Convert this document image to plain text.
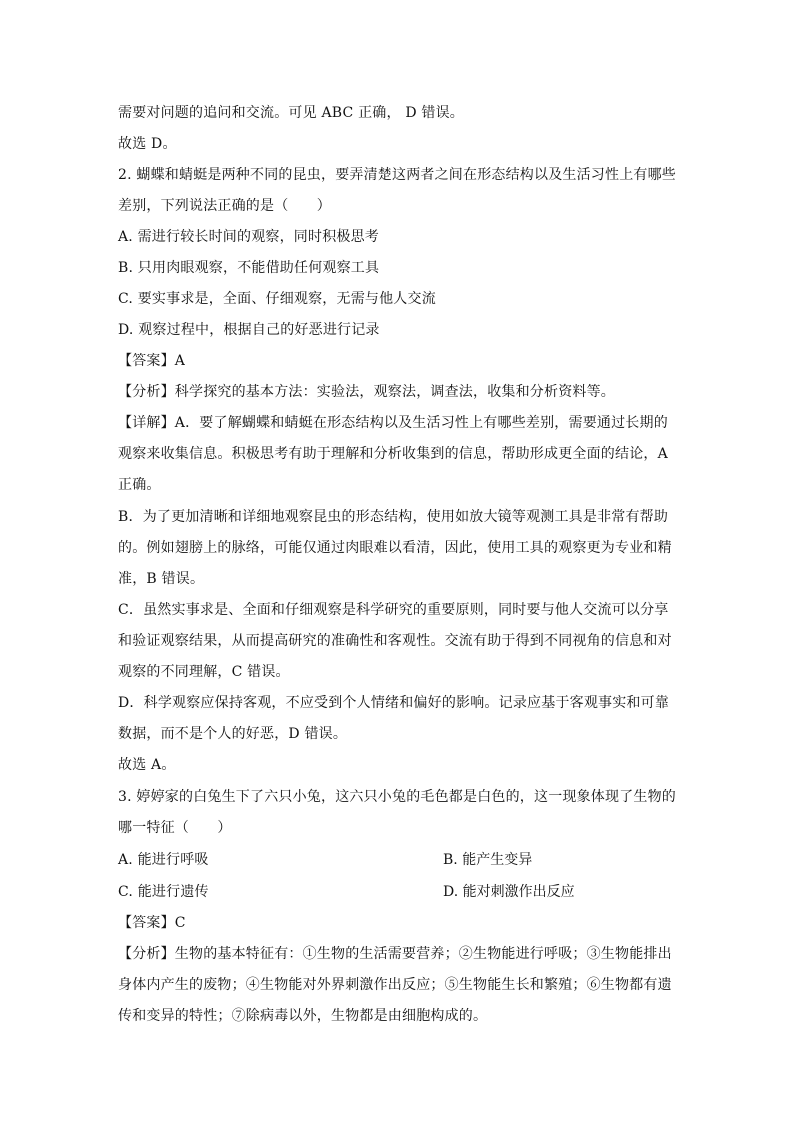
需要对问题的追问和交流。可见 ABC 正确， D 错误。
故选 D。
2. 蝴蝶和蜻蜓是两种不同的昆虫，要弄清楚这两者之间在形态结构以及生活习性上有哪些
差别，下列说法正确的是（　　）
A. 需进行较长时间的观察，同时积极思考
B. 只用肉眼观察，不能借助任何观察工具
C. 要实事求是，全面、仔细观察，无需与他人交流
D. 观察过程中，根据自己的好恶进行记录
【答案】A
【分析】科学探究的基本方法：实验法，观察法，调查法，收集和分析资料等。
【详解】A．要了解蝴蝶和蜻蜓在形态结构以及生活习性上有哪些差别，需要通过长期的
观察来收集信息。积极思考有助于理解和分析收集到的信息，帮助形成更全面的结论，A
正确。
B．为了更加清晰和详细地观察昆虫的形态结构，使用如放大镜等观测工具是非常有帮助
的。例如翅膀上的脉络，可能仅通过肉眼难以看清，因此，使用工具的观察更为专业和精
准，B 错误。
C．虽然实事求是、全面和仔细观察是科学研究的重要原则，同时要与他人交流可以分享
和验证观察结果，从而提高研究的准确性和客观性。交流有助于得到不同视角的信息和对
观察的不同理解，C 错误。
D．科学观察应保持客观，不应受到个人情绪和偏好的影响。记录应基于客观事实和可靠
数据，而不是个人的好恶，D 错误。
故选 A。
3. 婷婷家的白兔生下了六只小兔，这六只小兔的毛色都是白色的，这一现象体现了生物的
哪一特征（　　）
A. 能进行呼吸	B. 能产生变异
C. 能进行遗传	D. 能对刺激作出反应
【答案】C
【分析】生物的基本特征有：①生物的生活需要营养；②生物能进行呼吸；③生物能排出
身体内产生的废物；④生物能对外界刺激作出反应；⑤生物能生长和繁殖；⑥生物都有遗
传和变异的特性；⑦除病毒以外，生物都是由细胞构成的。
